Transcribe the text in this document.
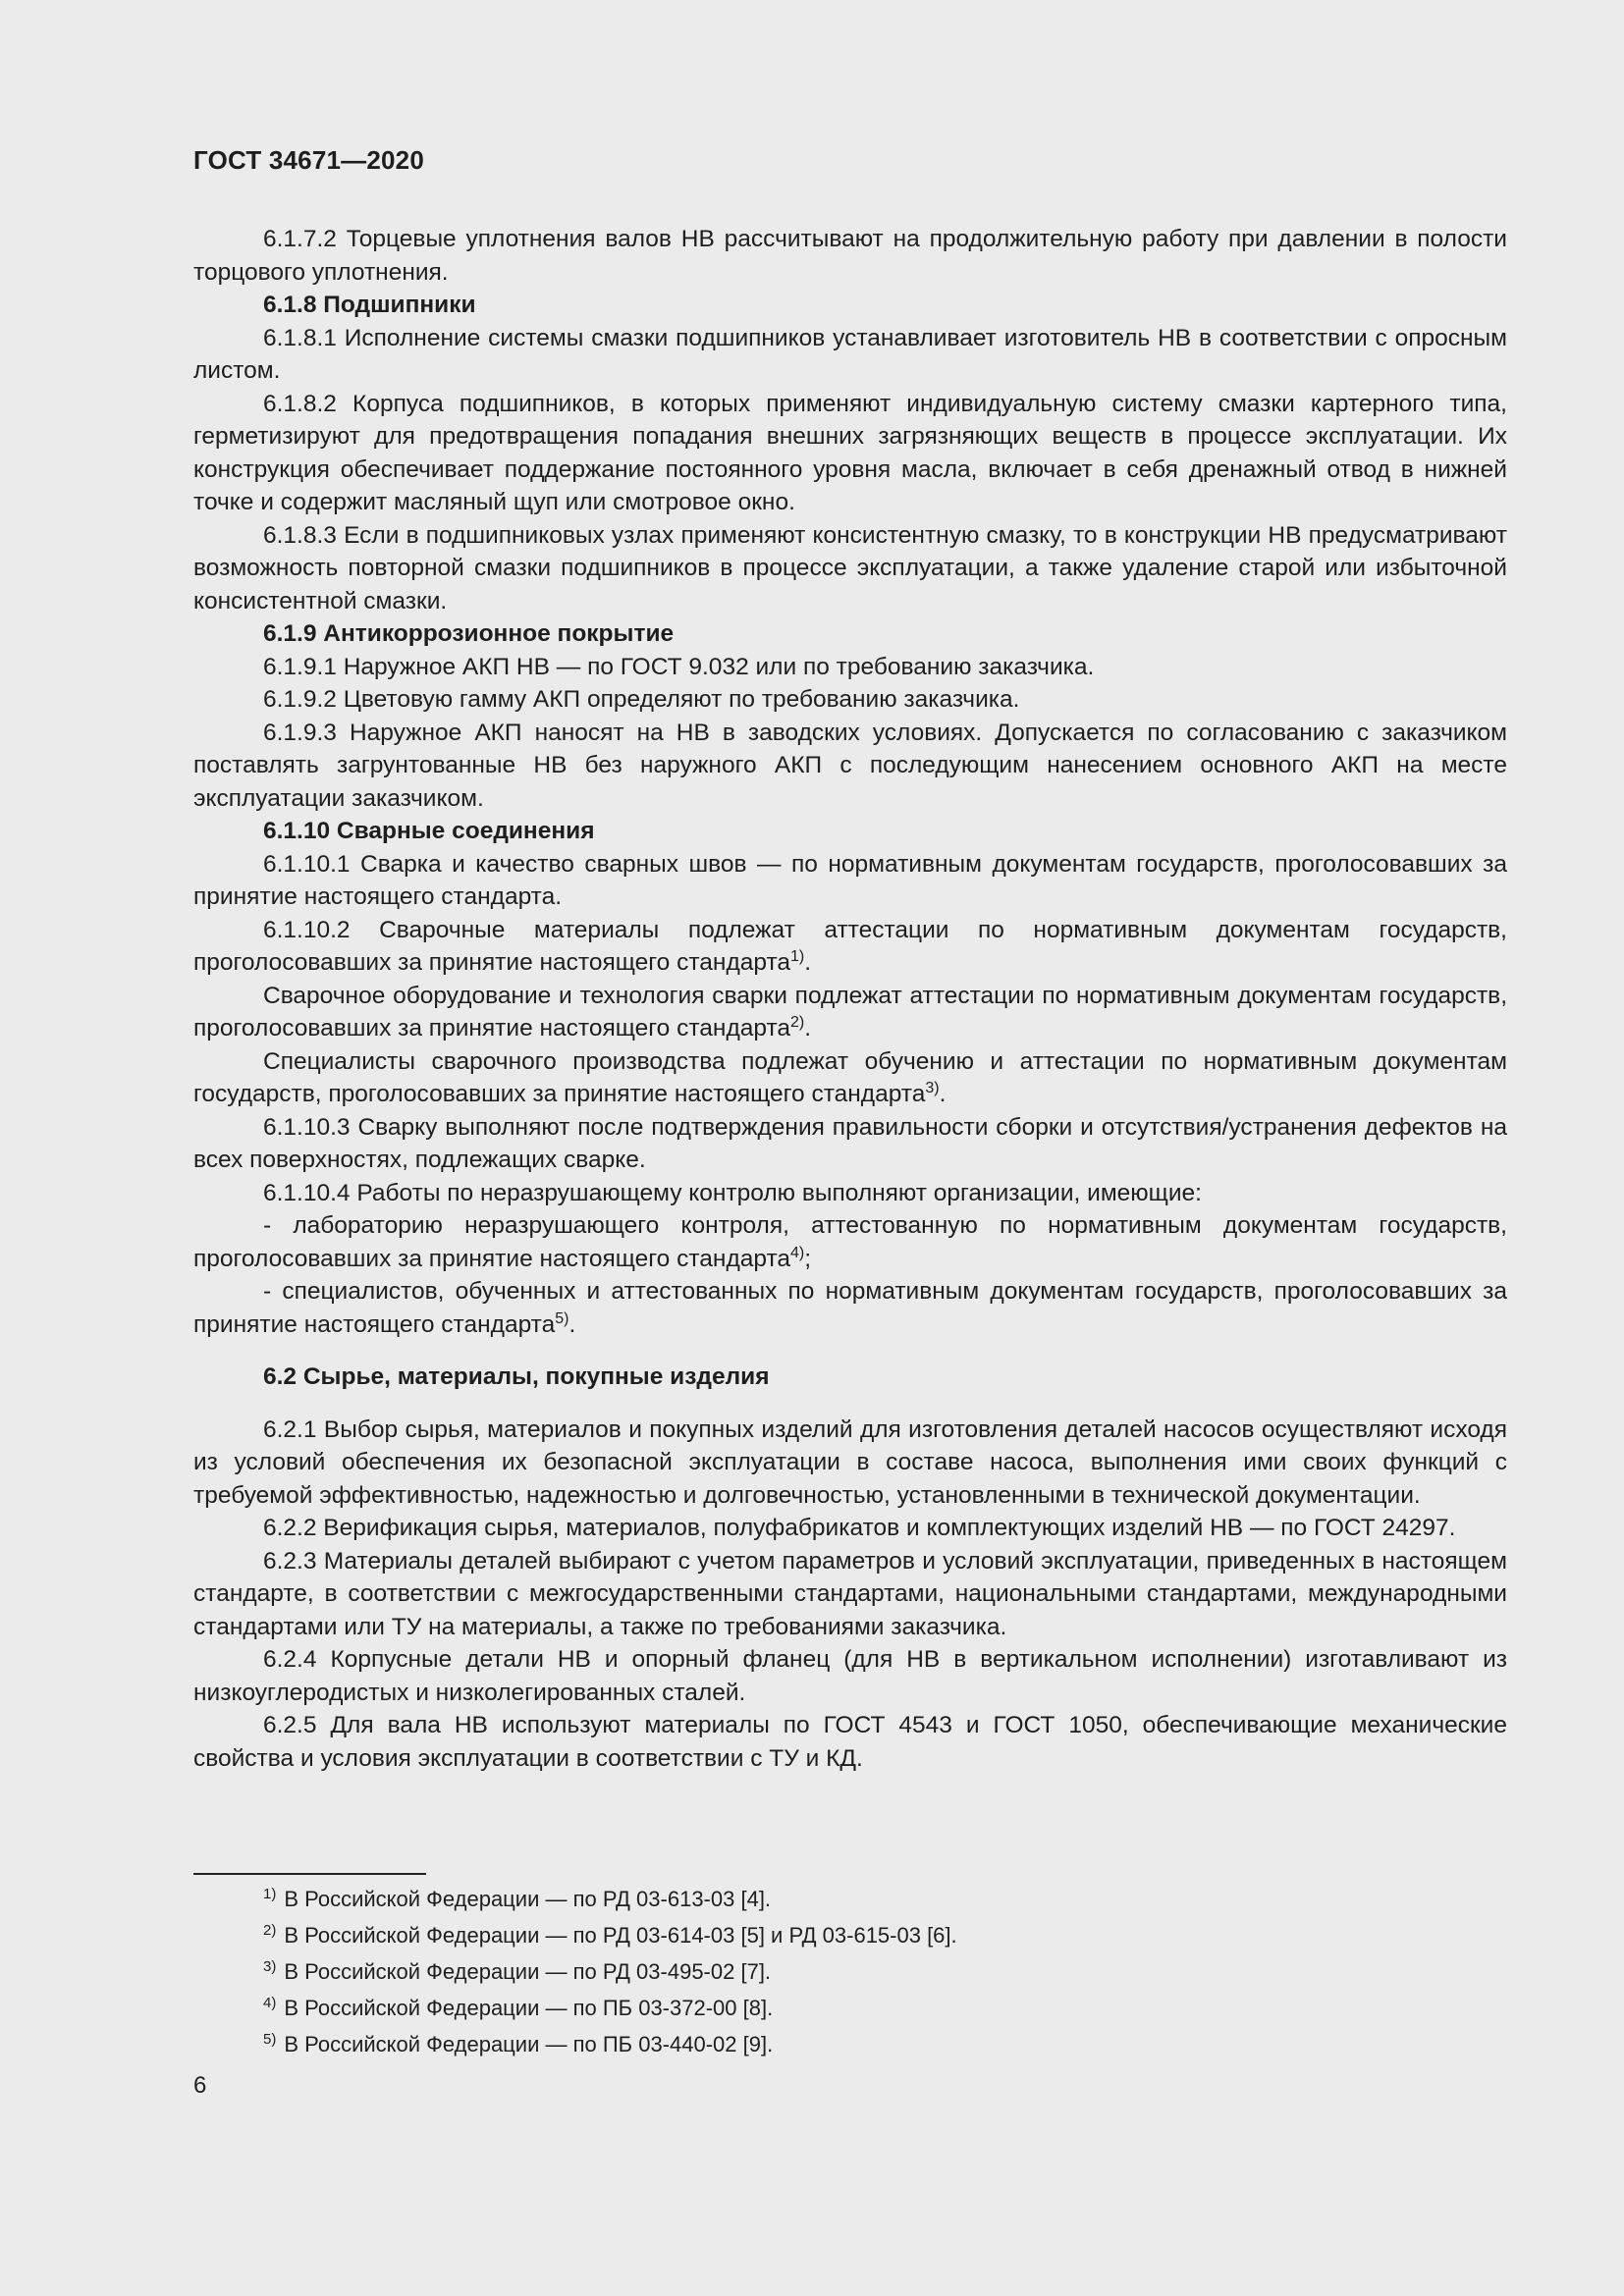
ГОСТ 34671—2020

6.1.7.2 Торцевые уплотнения валов НВ рассчитывают на продолжительную работу при давлении в полости торцового уплотнения.

6.1.8 Подшипники

6.1.8.1 Исполнение системы смазки подшипников устанавливает изготовитель НВ в соответствии с опросным листом.

6.1.8.2 Корпуса подшипников, в которых применяют индивидуальную систему смазки картерного типа, герметизируют для предотвращения попадания внешних загрязняющих веществ в процессе эксплуатации. Их конструкция обеспечивает поддержание постоянного уровня масла, включает в себя дренажный отвод в нижней точке и содержит масляный щуп или смотровое окно.

6.1.8.3 Если в подшипниковых узлах применяют консистентную смазку, то в конструкции НВ предусматривают возможность повторной смазки подшипников в процессе эксплуатации, а также удаление старой или избыточной консистентной смазки.

6.1.9 Антикоррозионное покрытие

6.1.9.1 Наружное АКП НВ — по ГОСТ 9.032 или по требованию заказчика.

6.1.9.2 Цветовую гамму АКП определяют по требованию заказчика.

6.1.9.3 Наружное АКП наносят на НВ в заводских условиях. Допускается по согласованию с заказчиком поставлять загрунтованные НВ без наружного АКП с последующим нанесением основного АКП на месте эксплуатации заказчиком.

6.1.10 Сварные соединения

6.1.10.1 Сварка и качество сварных швов — по нормативным документам государств, проголосовавших за принятие настоящего стандарта.

6.1.10.2 Сварочные материалы подлежат аттестации по нормативным документам государств, проголосовавших за принятие настоящего стандарта$^{1)}$.

Сварочное оборудование и технология сварки подлежат аттестации по нормативным документам государств, проголосовавших за принятие настоящего стандарта$^{2)}$.

Специалисты сварочного производства подлежат обучению и аттестации по нормативным документам государств, проголосовавших за принятие настоящего стандарта$^{3)}$.

6.1.10.3 Сварку выполняют после подтверждения правильности сборки и отсутствия/устранения дефектов на всех поверхностях, подлежащих сварке.

6.1.10.4 Работы по неразрушающему контролю выполняют организации, имеющие:

- лабораторию неразрушающего контроля, аттестованную по нормативным документам государств, проголосовавших за принятие настоящего стандарта$^{4)}$;

- специалистов, обученных и аттестованных по нормативным документам государств, проголосовавших за принятие настоящего стандарта$^{5)}$.

6.2 Сырье, материалы, покупные изделия

6.2.1 Выбор сырья, материалов и покупных изделий для изготовления деталей насосов осуществляют исходя из условий обеспечения их безопасной эксплуатации в составе насоса, выполнения ими своих функций с требуемой эффективностью, надежностью и долговечностью, установленными в технической документации.

6.2.2 Верификация сырья, материалов, полуфабрикатов и комплектующих изделий НВ — по ГОСТ 24297.

6.2.3 Материалы деталей выбирают с учетом параметров и условий эксплуатации, приведенных в настоящем стандарте, в соответствии с межгосударственными стандартами, национальными стандартами, международными стандартами или ТУ на материалы, а также по требованиями заказчика.

6.2.4 Корпусные детали НВ и опорный фланец (для НВ в вертикальном исполнении) изготавливают из низкоуглеродистых и низколегированных сталей.

6.2.5 Для вала НВ используют материалы по ГОСТ 4543 и ГОСТ 1050, обеспечивающие механические свойства и условия эксплуатации в соответствии с ТУ и КД.

$^{1)}$ В Российской Федерации — по РД 03-613-03 [4].

$^{2)}$ В Российской Федерации — по РД 03-614-03 [5] и РД 03-615-03 [6].

$^{3)}$ В Российской Федерации — по РД 03-495-02 [7].

$^{4)}$ В Российской Федерации — по ПБ 03-372-00 [8].

$^{5)}$ В Российской Федерации — по ПБ 03-440-02 [9].

6
